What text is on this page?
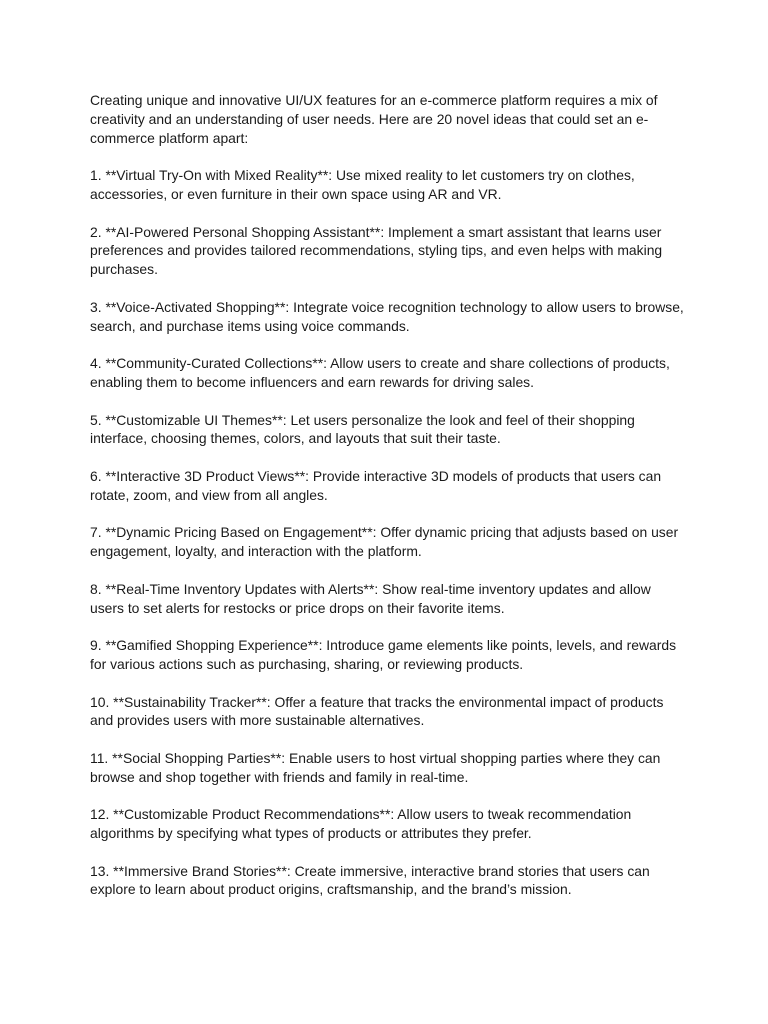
Creating unique and innovative UI/UX features for an e-commerce platform requires a mix of creativity and an understanding of user needs. Here are 20 novel ideas that could set an e-commerce platform apart:

1. **Virtual Try-On with Mixed Reality**: Use mixed reality to let customers try on clothes, accessories, or even furniture in their own space using AR and VR.

2. **AI-Powered Personal Shopping Assistant**: Implement a smart assistant that learns user preferences and provides tailored recommendations, styling tips, and even helps with making purchases.

3. **Voice-Activated Shopping**: Integrate voice recognition technology to allow users to browse, search, and purchase items using voice commands.

4. **Community-Curated Collections**: Allow users to create and share collections of products, enabling them to become influencers and earn rewards for driving sales.

5. **Customizable UI Themes**: Let users personalize the look and feel of their shopping interface, choosing themes, colors, and layouts that suit their taste.

6. **Interactive 3D Product Views**: Provide interactive 3D models of products that users can rotate, zoom, and view from all angles.

7. **Dynamic Pricing Based on Engagement**: Offer dynamic pricing that adjusts based on user engagement, loyalty, and interaction with the platform.

8. **Real-Time Inventory Updates with Alerts**: Show real-time inventory updates and allow users to set alerts for restocks or price drops on their favorite items.

9. **Gamified Shopping Experience**: Introduce game elements like points, levels, and rewards for various actions such as purchasing, sharing, or reviewing products.

10. **Sustainability Tracker**: Offer a feature that tracks the environmental impact of products and provides users with more sustainable alternatives.

11. **Social Shopping Parties**: Enable users to host virtual shopping parties where they can browse and shop together with friends and family in real-time.

12. **Customizable Product Recommendations**: Allow users to tweak recommendation algorithms by specifying what types of products or attributes they prefer.

13. **Immersive Brand Stories**: Create immersive, interactive brand stories that users can explore to learn about product origins, craftsmanship, and the brand’s mission.
